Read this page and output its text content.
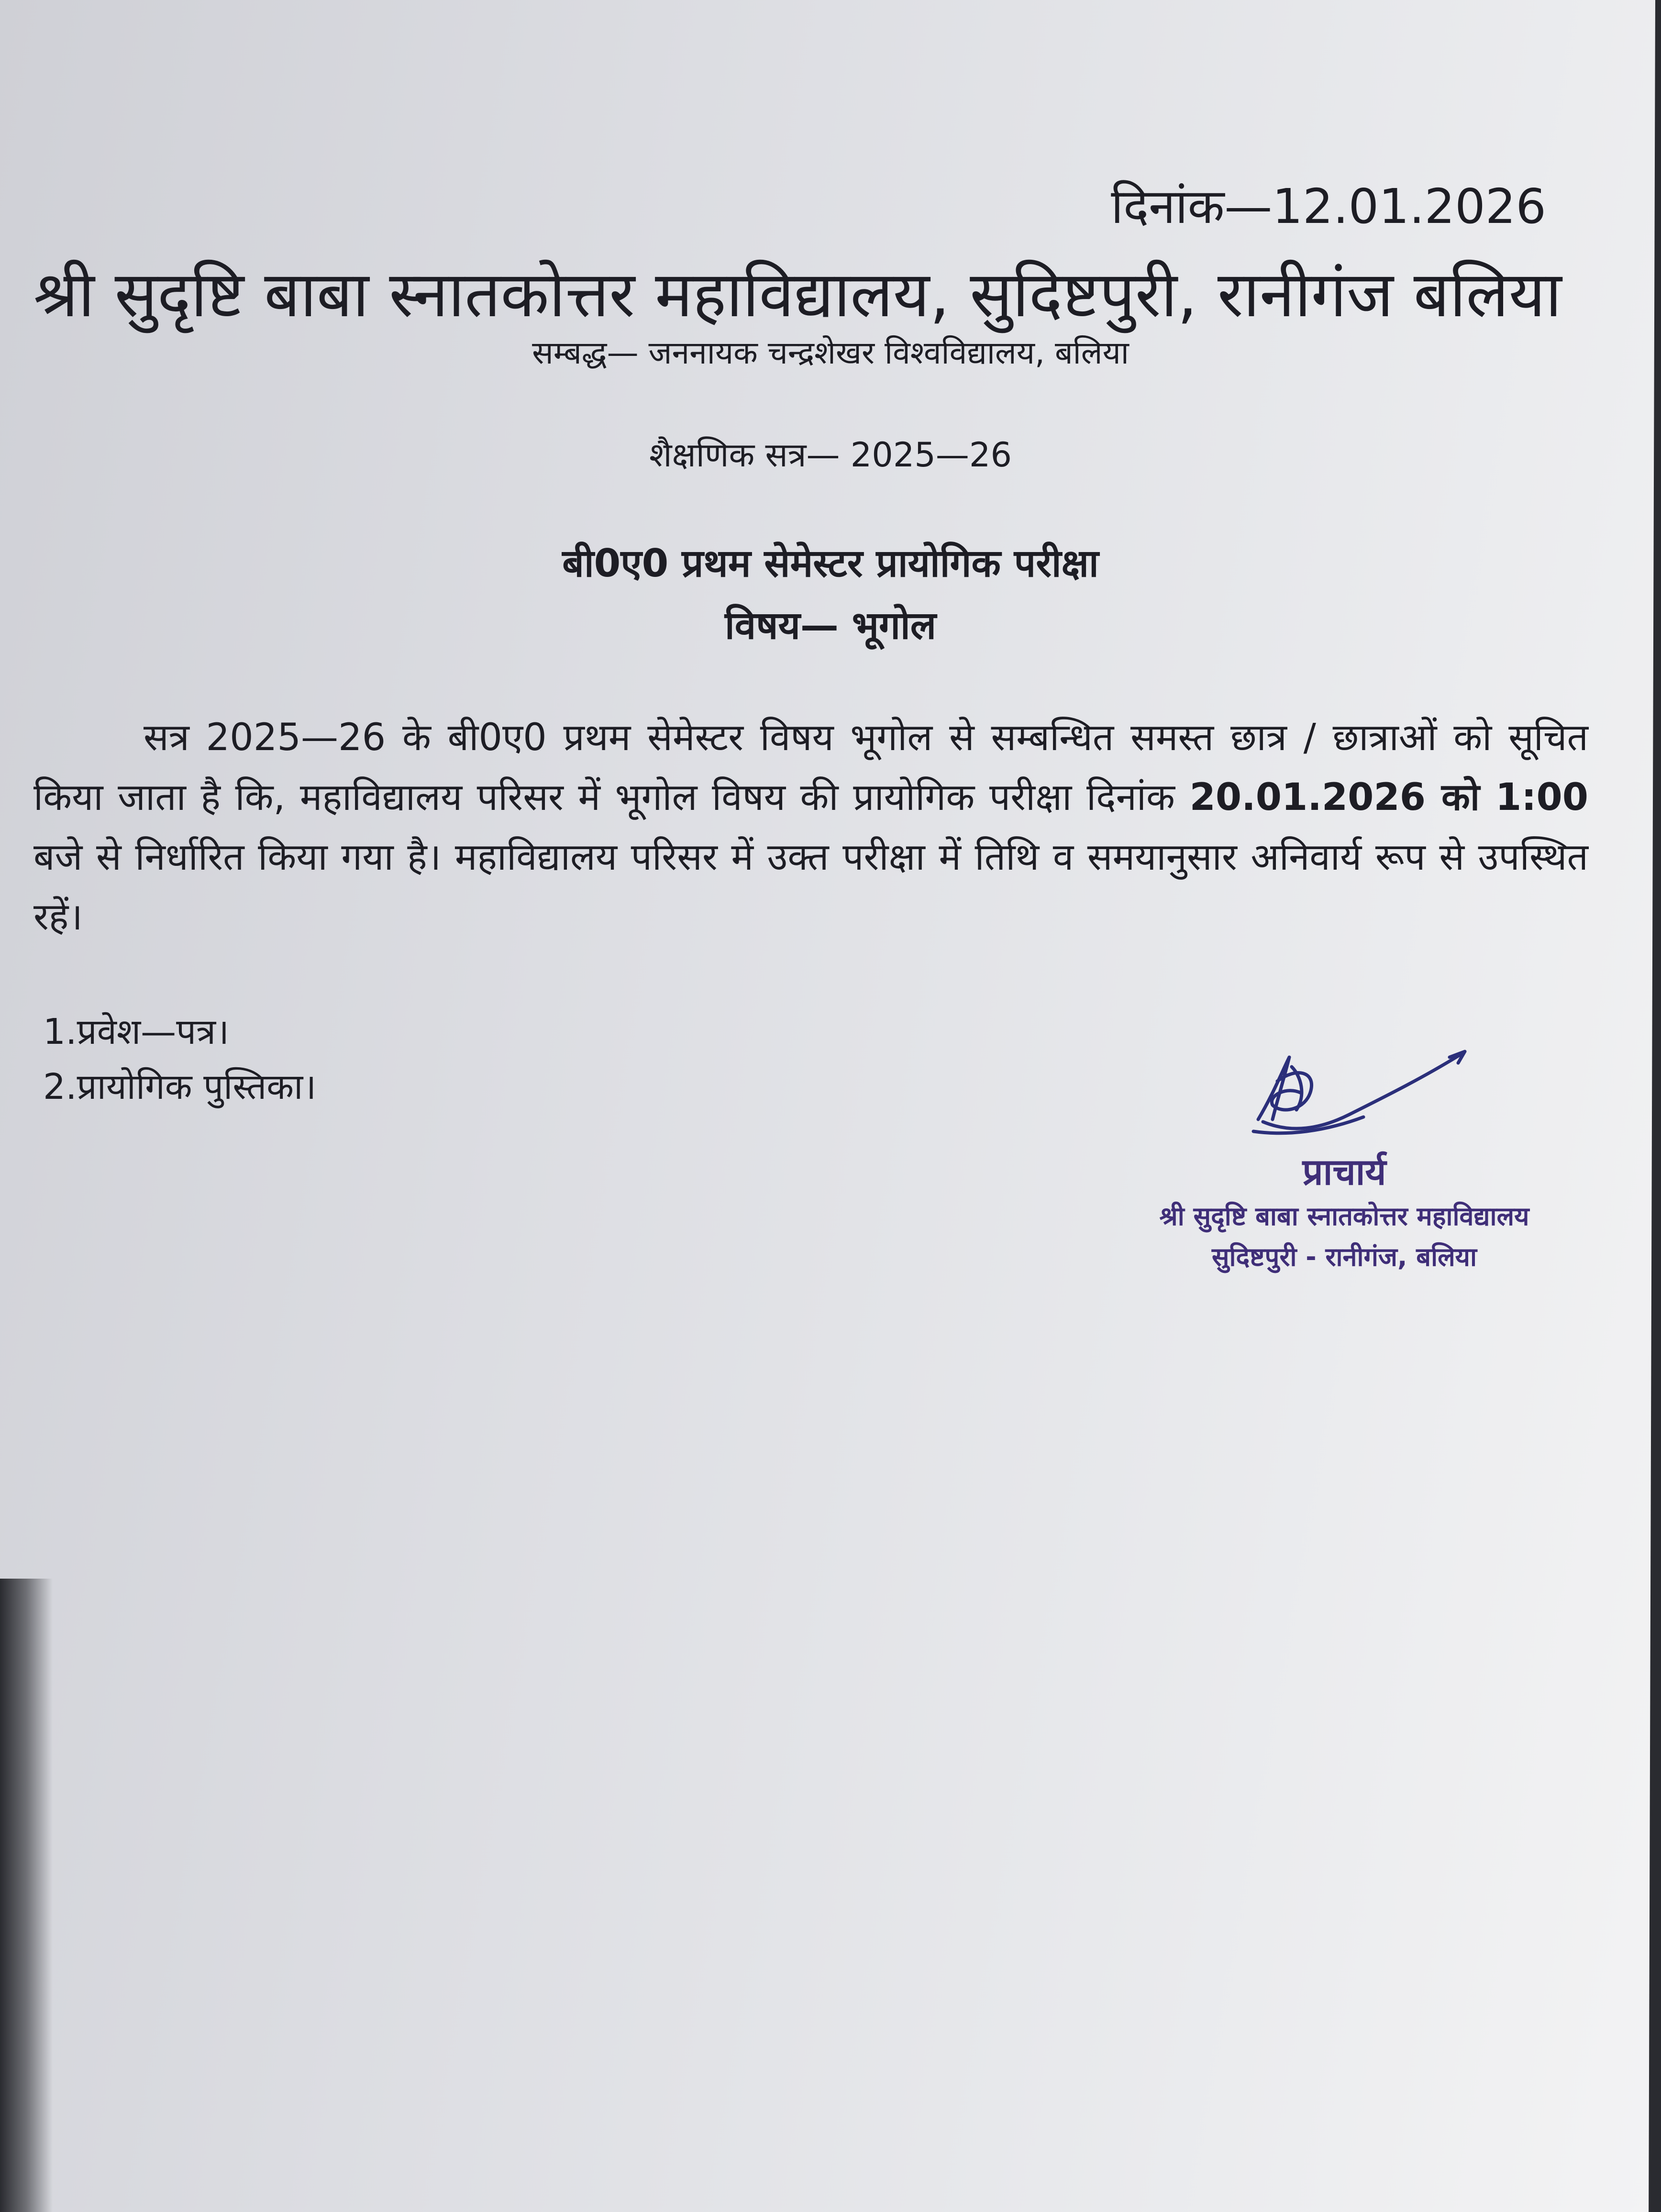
दिनांक—12.01.2026
श्री सुदृष्टि बाबा स्नातकोत्तर महाविद्यालय, सुदिष्टपुरी, रानीगंज बलिया
सम्बद्ध— जननायक चन्द्रशेखर विश्वविद्यालय, बलिया
शैक्षणिक सत्र— 2025—26
बी0ए0 प्रथम सेमेस्टर प्रायोगिक परीक्षा
विषय— भूगोल
सत्र 2025—26 के बी0ए0 प्रथम सेमेस्टर विषय भूगोल से सम्बन्धित समस्त छात्र / छात्राओं को सूचित किया जाता है कि, महाविद्यालय परिसर में भूगोल विषय की प्रायोगिक परीक्षा दिनांक 20.01.2026 को 1:00 बजे से निर्धारित किया गया है। महाविद्यालय परिसर में उक्त परीक्षा में तिथि व समयानुसार अनिवार्य रूप से उपस्थित रहें।
1.प्रवेश—पत्र।
2.प्रायोगिक पुस्तिका।
प्राचार्य
श्री सुदृष्टि बाबा स्नातकोत्तर महाविद्यालय
सुदिष्टपुरी - रानीगंज, बलिया
